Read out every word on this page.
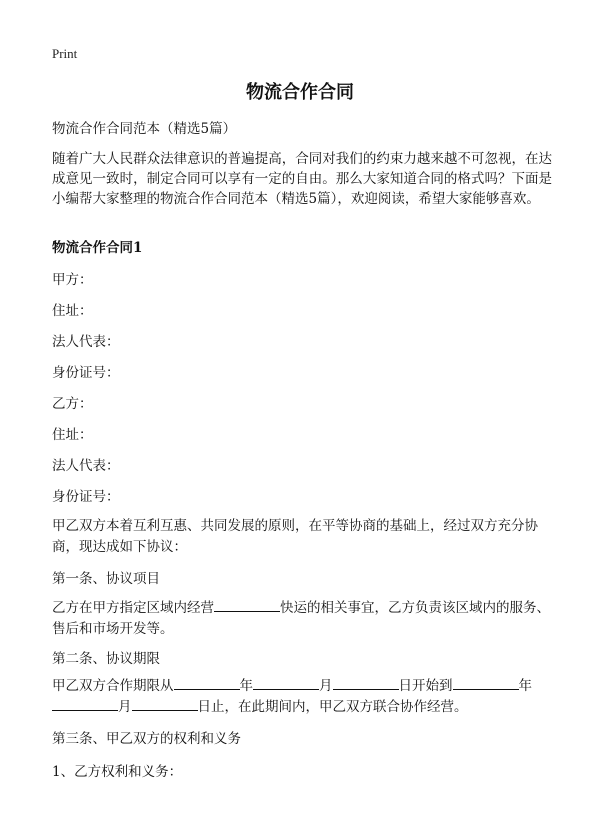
Print
物流合作合同
物流合作合同范本（精选5篇）
随着广大人民群众法律意识的普遍提高，合同对我们的约束力越来越不可忽视，在达成意见一致时，制定合同可以享有一定的自由。那么大家知道合同的格式吗？下面是小编帮大家整理的物流合作合同范本（精选5篇），欢迎阅读，希望大家能够喜欢。
物流合作合同1
甲方：
住址：
法人代表：
身份证号：
乙方：
住址：
法人代表：
身份证号：
甲乙双方本着互利互惠、共同发展的原则，在平等协商的基础上，经过双方充分协商，现达成如下协议：
第一条、协议项目
乙方在甲方指定区域内经营	快运的相关事宜，乙方负责该区域内的服务、售后和市场开发等。
第二条、协议期限
甲乙双方合作期限从	年	月	日开始到	年
月	日止，在此期间内，甲乙双方联合协作经营。
第三条、甲乙双方的权利和义务
1、乙方权利和义务：
